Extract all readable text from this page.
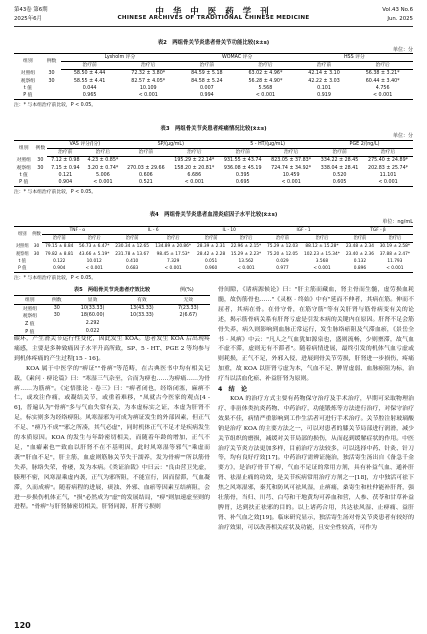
第43卷 第6期
2025年6月
中 华 中 医 药 学 刊
CHINESE ARCHIVES OF TRADITIONAL CHINESE MEDICINE
Vol.43 No.6
Jun. 2025
表2　两组骨关节炎患者骨关节功能比较(x̄±s)
单位：分
组别	例数	Lysholm 评分		WOMAC 评分		HSS 评分	
		治疗前	治疗后	治疗前	治疗后	治疗前	治疗后
对照组	30	58.50 ± 4.44	72.32 ± 3.80*	84.59 ± 5.18	63.02 ± 4.96*	42.14 ± 3.10	56.38 ± 3.21*
观察组	30	58.55 ± 4.41	82.57 ± 4.05*	84.58 ± 5.24	56.28 ± 4.90*	42.22 ± 3.03	60.44 ± 3.40*
t 值		0.044	10.109	0.007	5.568	0.101	4.756
P 值		0.965	< 0.001	0.994	< 0.001	0.919	< 0.001
注：* 与本组治疗前比较，P < 0.05。
表3　两组骨关节炎患者疼痛情况比较(x̄±s)
单位：分
组别	例数	VAS 评分/(分)		SP/(μg/mL)		5 - HT/(μg/mL)		PGE 2/(ng/L)	
		治疗前	治疗后	治疗前	治疗后	治疗前	治疗后	治疗前	治疗后
对照组	30	7.12 ± 0.98	4.23 ± 0.85*		195.29 ± 22.14*	931.55 ± 43.74	823.05 ± 37.83*	334.22 ± 28.45	275.40 ± 24.89*
观察组	30	7.15 ± 0.94	3.20 ± 0.74*	270.03 ± 29.66	158.20 ± 20.81*	936.08 ± 45.19	724.74 ± 34.92*	338.04 ± 28.41	202.83 ± 25.74*
t 值		0.121	5.006	0.606	6.686	0.395	10.459	0.520	11.101
P 值		0.904	< 0.001	0.521	< 0.001	0.695	< 0.001	0.605	< 0.001
注：* 与本组治疗前比较，P < 0.05。
表4　两组骨关节炎患者血清炎症因子水平比较(x̄±s)
单位：ng/mL
组别	例数	TNF - α		IL - 6		IL - 10		IGF - 1		TGF - β	
		治疗前	治疗后	治疗前	治疗后	治疗前	治疗后	治疗前	治疗后	治疗前	治疗后
对照组	30	79.15 ± 8.84	56.73 ± 6.47*	230.34 ± 12.65	134.89 ± 20.86*	28.39 ± 2.31	22.96 ± 2.15*	75.29 ± 12.03	88.12 ± 15.28*	23.48 ± 2.34	30.19 ± 2.58*
观察组	30	79.82 ± 8.81	43.66 ± 5.19*	231.78 ± 13.67	98.45 ± 17.53*	28.42 ± 2.28	15.29 ± 2.23*	75.20 ± 12.05	102.23 ± 15.34*	23.40 ± 2.36	37.88 ± 2.47*
t 值		0.122	10.012	0.410	7.329	0.051	13.562	0.029	3.568	0.132	11.793
P 值		0.904	< 0.001	0.683	< 0.001	0.960	< 0.001	0.977	< 0.001	0.896	< 0.001
注：* 与本组治疗前比较，P < 0.05。
表5　两组骨关节炎患者疗效比较	例(%)
组别	例数	显效	有效	无效
对照组	30	10(33.33)	13(43.33)	7(23.33)
观察组	30	18(60.00)	10(33.33)	2(6.67)
Z 值		2.292		
P 值		0.022		

碳环，产生滑关节运行性变化，因此发生 KOA。患者发生 KOA 后出现疼痛感，主要是多种致痛因子水平升高所致，SP、5 - HT、PGE 2 等均参与到机体疼痛的产生过程[15 - 16]。

KOA 属于中医学的"痹证""骨痹"等范畴，在古典医书中均有相关记载，《素问 · 痹论篇》曰："寒湿三气杂至，合而为痹也……为痹痛……为骨痹……为筋痹"。《定悟胀论 · 卷三》曰："痹者闭也，经络闭塞，麻痹不仁，或攻注作痛，或凝结关节，或重着难移，"凤就古今医家的观点[4 - 6]，普遍认为"骨痹"多与气血失常有关，为本虚标实之证，本虚为肝肾不足，标实则多为经络痹阻。风寒湿邪为可成为痹证发生的外部因素，但正气不足、"痹乃不成""邪之所凑，其气必虚"，同时机体正气不足才是疾病发生的本质原因。KOA 的发生与年龄密切相关，而随着年龄的增加，正气不足，"血癖素也""致血以肝肾不在不基明因，此时风寒湿等邪气"乘虚而袭""肝血不足"，肝主筋，血虚则筋脉关节失于濡养，发为骨痹""所以筋骨失养，脉络失荣，骨痿，发为本病。《类证治裁》中曰云："良由营卫先虚，腠理不密，风寒湿乘虚内袭，正气为邪所阻，不能宣行，因而留滞，气血凝滞，久而成痹"。随着病程的进展，痰浊、外邪、血瘀等因素互结痹阻，会进一步损伤机体正气，"损"必然成为"虚"的发展结局，"痹"则加速虚至则的进程。"骨痹"与肝肾肺密切相关，肝肾同源，肝肾亏损则

骨间隙，《诸病源候论》曰："肝主筋而藏血，肾主骨而生髓，虚劳损血耗髓，故伤筋骨也……"《灵枢 · 终始》中有"延而不伸者，其病在筋。伸而不屈者，其病在骨。在骨守骨，在筋守筋"等有关肝肾与筋骨病变有关的论述，揭示筋骨病关系有肝肾亏虚是引发本病的关键内在原因。肝肾不足会筋骨失养，病久则影响到血脉正常运行，发生脉络瘀阻及气滞血瘀，《景岳全书 · 风痹》中云："凡人之气血犹如源泉也，盛则流畅，少则壅滞，故气血不虚不滞，虚则无有不滞者"。随着病情进展，最终引发的机体气血亏虚或则耗损，正气不足，外邪入侵，进展到骨关节劳损，肝肾进一步损伤，疼痛加重，故 KOA 以肝肾亏虚为本，气血不足、脾胃虚弱、血脉瘀阻为标，治疗当以活血化瘀、补益肝肾为原则。

4　结　论

KOA 的治疗方式主要有药物保守治疗及手术治疗，早期可采取物理治疗、非甾体类抗炎药物、中药治疗，功能锻炼等方法进行治疗，对保守治疗效果不佳，病情严重影响到工作生活者可进行手术治疗。关节腔注射玻璃酸钠是治疗 KOA 的主要方法之一，可以对患者的膝关节局部进行润滑，减少关节组织的磨损，减缓对关节局部的损伤，从而起到缓解症状的作用。中医治疗关节炎方法更加多样，目前治疗方法较多，可以选择中药、针灸、针刀等，均有良好疗效[17]。中药治疗需辨证施治，独活寄生汤出自《备急千金要方》，是治疗骨节丫痹，气血不足证的常用方剂，具有补益气血、通补肝肾、祛湿止痛的功效，是关节疾病常用治疗方剂之一[18]，方中独活可祛下焦之风寒湿邪，秦艽和防风可祛风湿，止痹痛，桑寄生和杜仲能补肝肾，强壮筋骨，当归、川芎、白芍和干地黄均可养血和营，人参、茯苓和甘草补益脾胃，达到扶正祛邪的目的。以上诸药合用，共达祛风湿、止痹痛、益肝肾、补气血之效[19]。临床研究显示，独活寄生汤对骨关节炎患者有较好的治疗效果，可以改善相关症状及功能，且安全性较高，可作为

120
